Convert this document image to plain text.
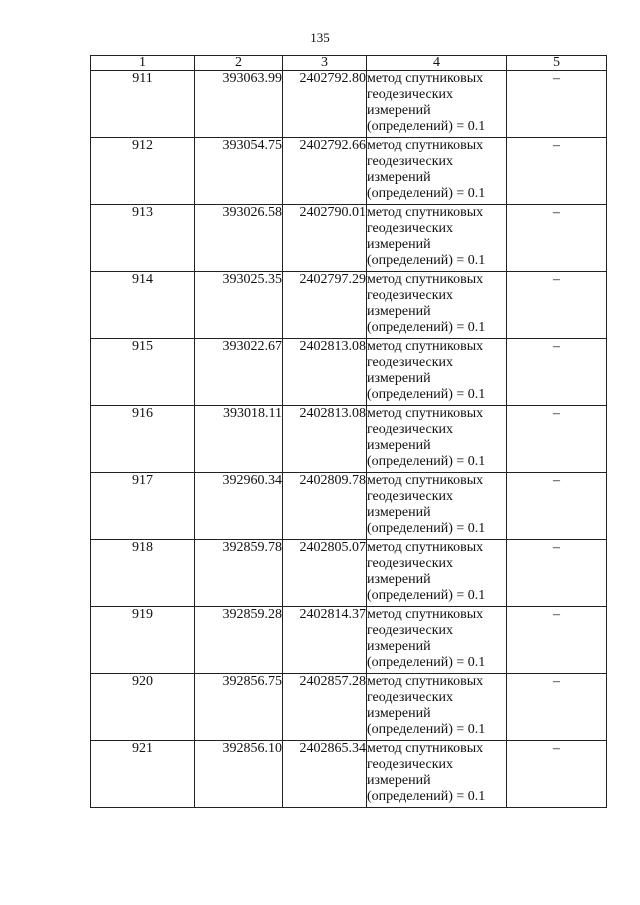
135
1	2	3	4	5
911	393063.99	2402792.80	метод спутниковых
геодезических
измерений
(определений) = 0.1	–
912	393054.75	2402792.66	метод спутниковых
геодезических
измерений
(определений) = 0.1	–
913	393026.58	2402790.01	метод спутниковых
геодезических
измерений
(определений) = 0.1	–
914	393025.35	2402797.29	метод спутниковых
геодезических
измерений
(определений) = 0.1	–
915	393022.67	2402813.08	метод спутниковых
геодезических
измерений
(определений) = 0.1	–
916	393018.11	2402813.08	метод спутниковых
геодезических
измерений
(определений) = 0.1	–
917	392960.34	2402809.78	метод спутниковых
геодезических
измерений
(определений) = 0.1	–
918	392859.78	2402805.07	метод спутниковых
геодезических
измерений
(определений) = 0.1	–
919	392859.28	2402814.37	метод спутниковых
геодезических
измерений
(определений) = 0.1	–
920	392856.75	2402857.28	метод спутниковых
геодезических
измерений
(определений) = 0.1	–
921	392856.10	2402865.34	метод спутниковых
геодезических
измерений
(определений) = 0.1	–
